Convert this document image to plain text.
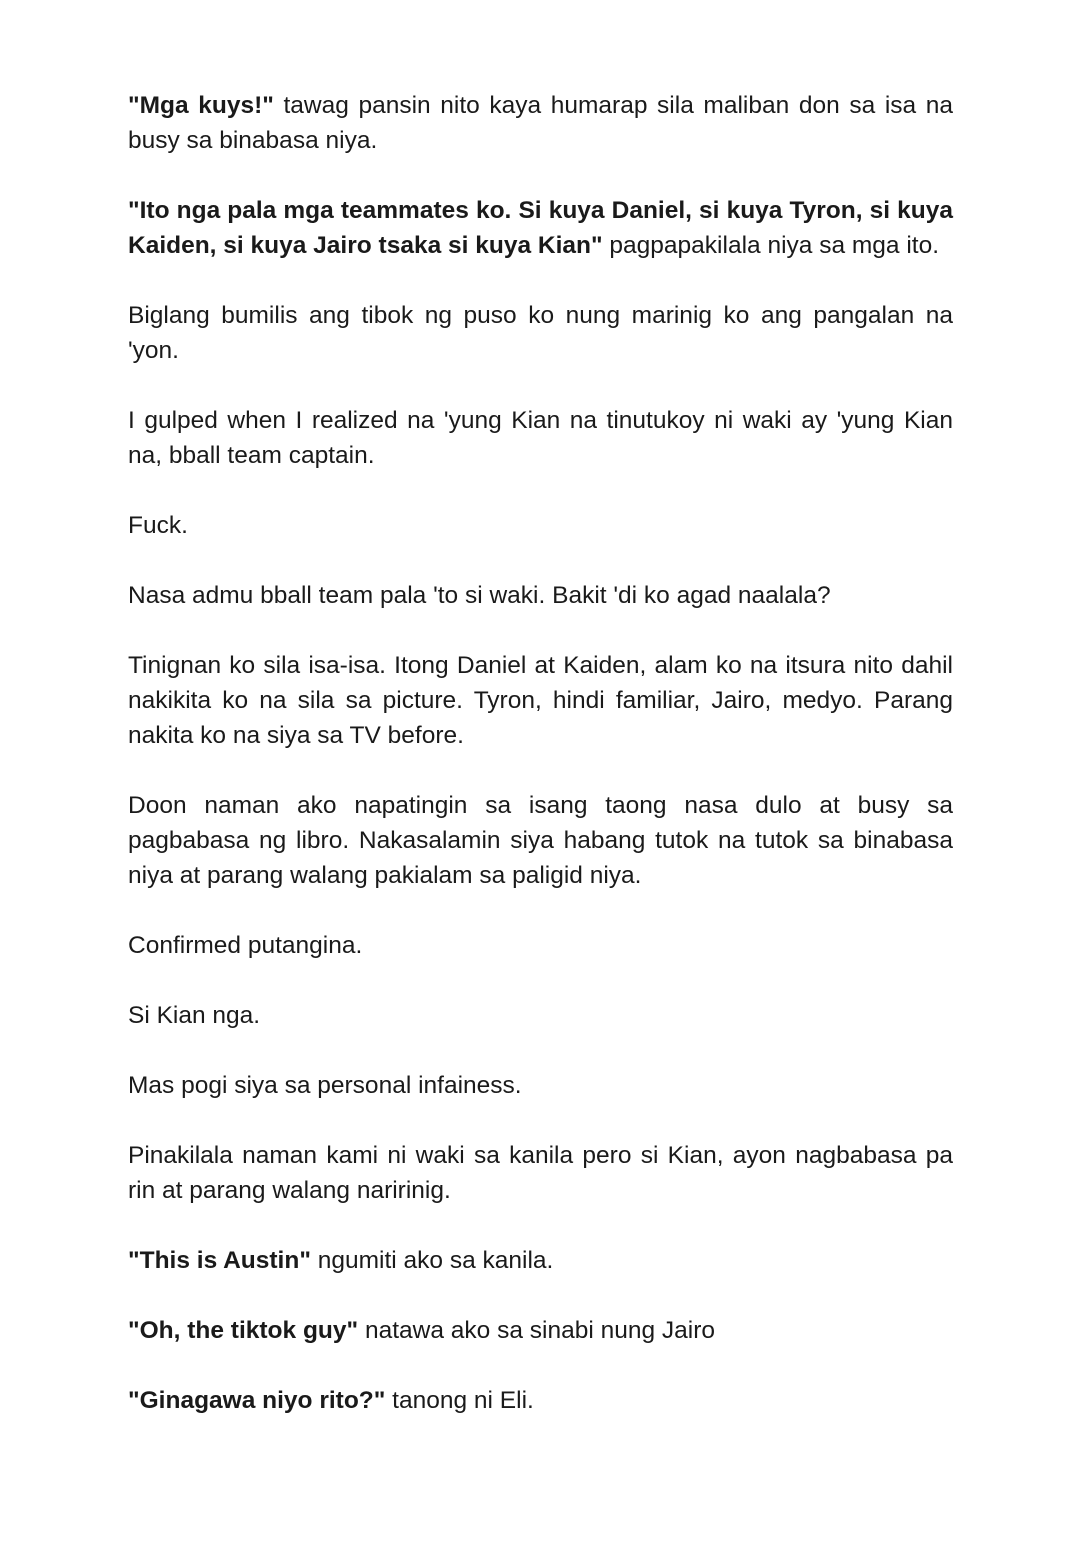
"Mga kuys!" tawag pansin nito kaya humarap sila maliban don sa isa na busy sa binabasa niya.

"Ito nga pala mga teammates ko. Si kuya Daniel, si kuya Tyron, si kuya Kaiden, si kuya Jairo tsaka si kuya Kian" pagpapakilala niya sa mga ito.

Biglang bumilis ang tibok ng puso ko nung marinig ko ang pangalan na 'yon.

I gulped when I realized na 'yung Kian na tinutukoy ni waki ay 'yung Kian na, bball team captain.

Fuck.

Nasa admu bball team pala 'to si waki. Bakit 'di ko agad naalala?

Tinignan ko sila isa-isa. Itong Daniel at Kaiden, alam ko na itsura nito dahil nakikita ko na sila sa picture. Tyron, hindi familiar, Jairo, medyo. Parang nakita ko na siya sa TV before.

Doon naman ako napatingin sa isang taong nasa dulo at busy sa pagbabasa ng libro. Nakasalamin siya habang tutok na tutok sa binabasa niya at parang walang pakialam sa paligid niya.

Confirmed putangina.

Si Kian nga.

Mas pogi siya sa personal infainess.

Pinakilala naman kami ni waki sa kanila pero si Kian, ayon nagbabasa pa rin at parang walang naririnig.

"This is Austin" ngumiti ako sa kanila.

"Oh, the tiktok guy" natawa ako sa sinabi nung Jairo

"Ginagawa niyo rito?" tanong ni Eli.
